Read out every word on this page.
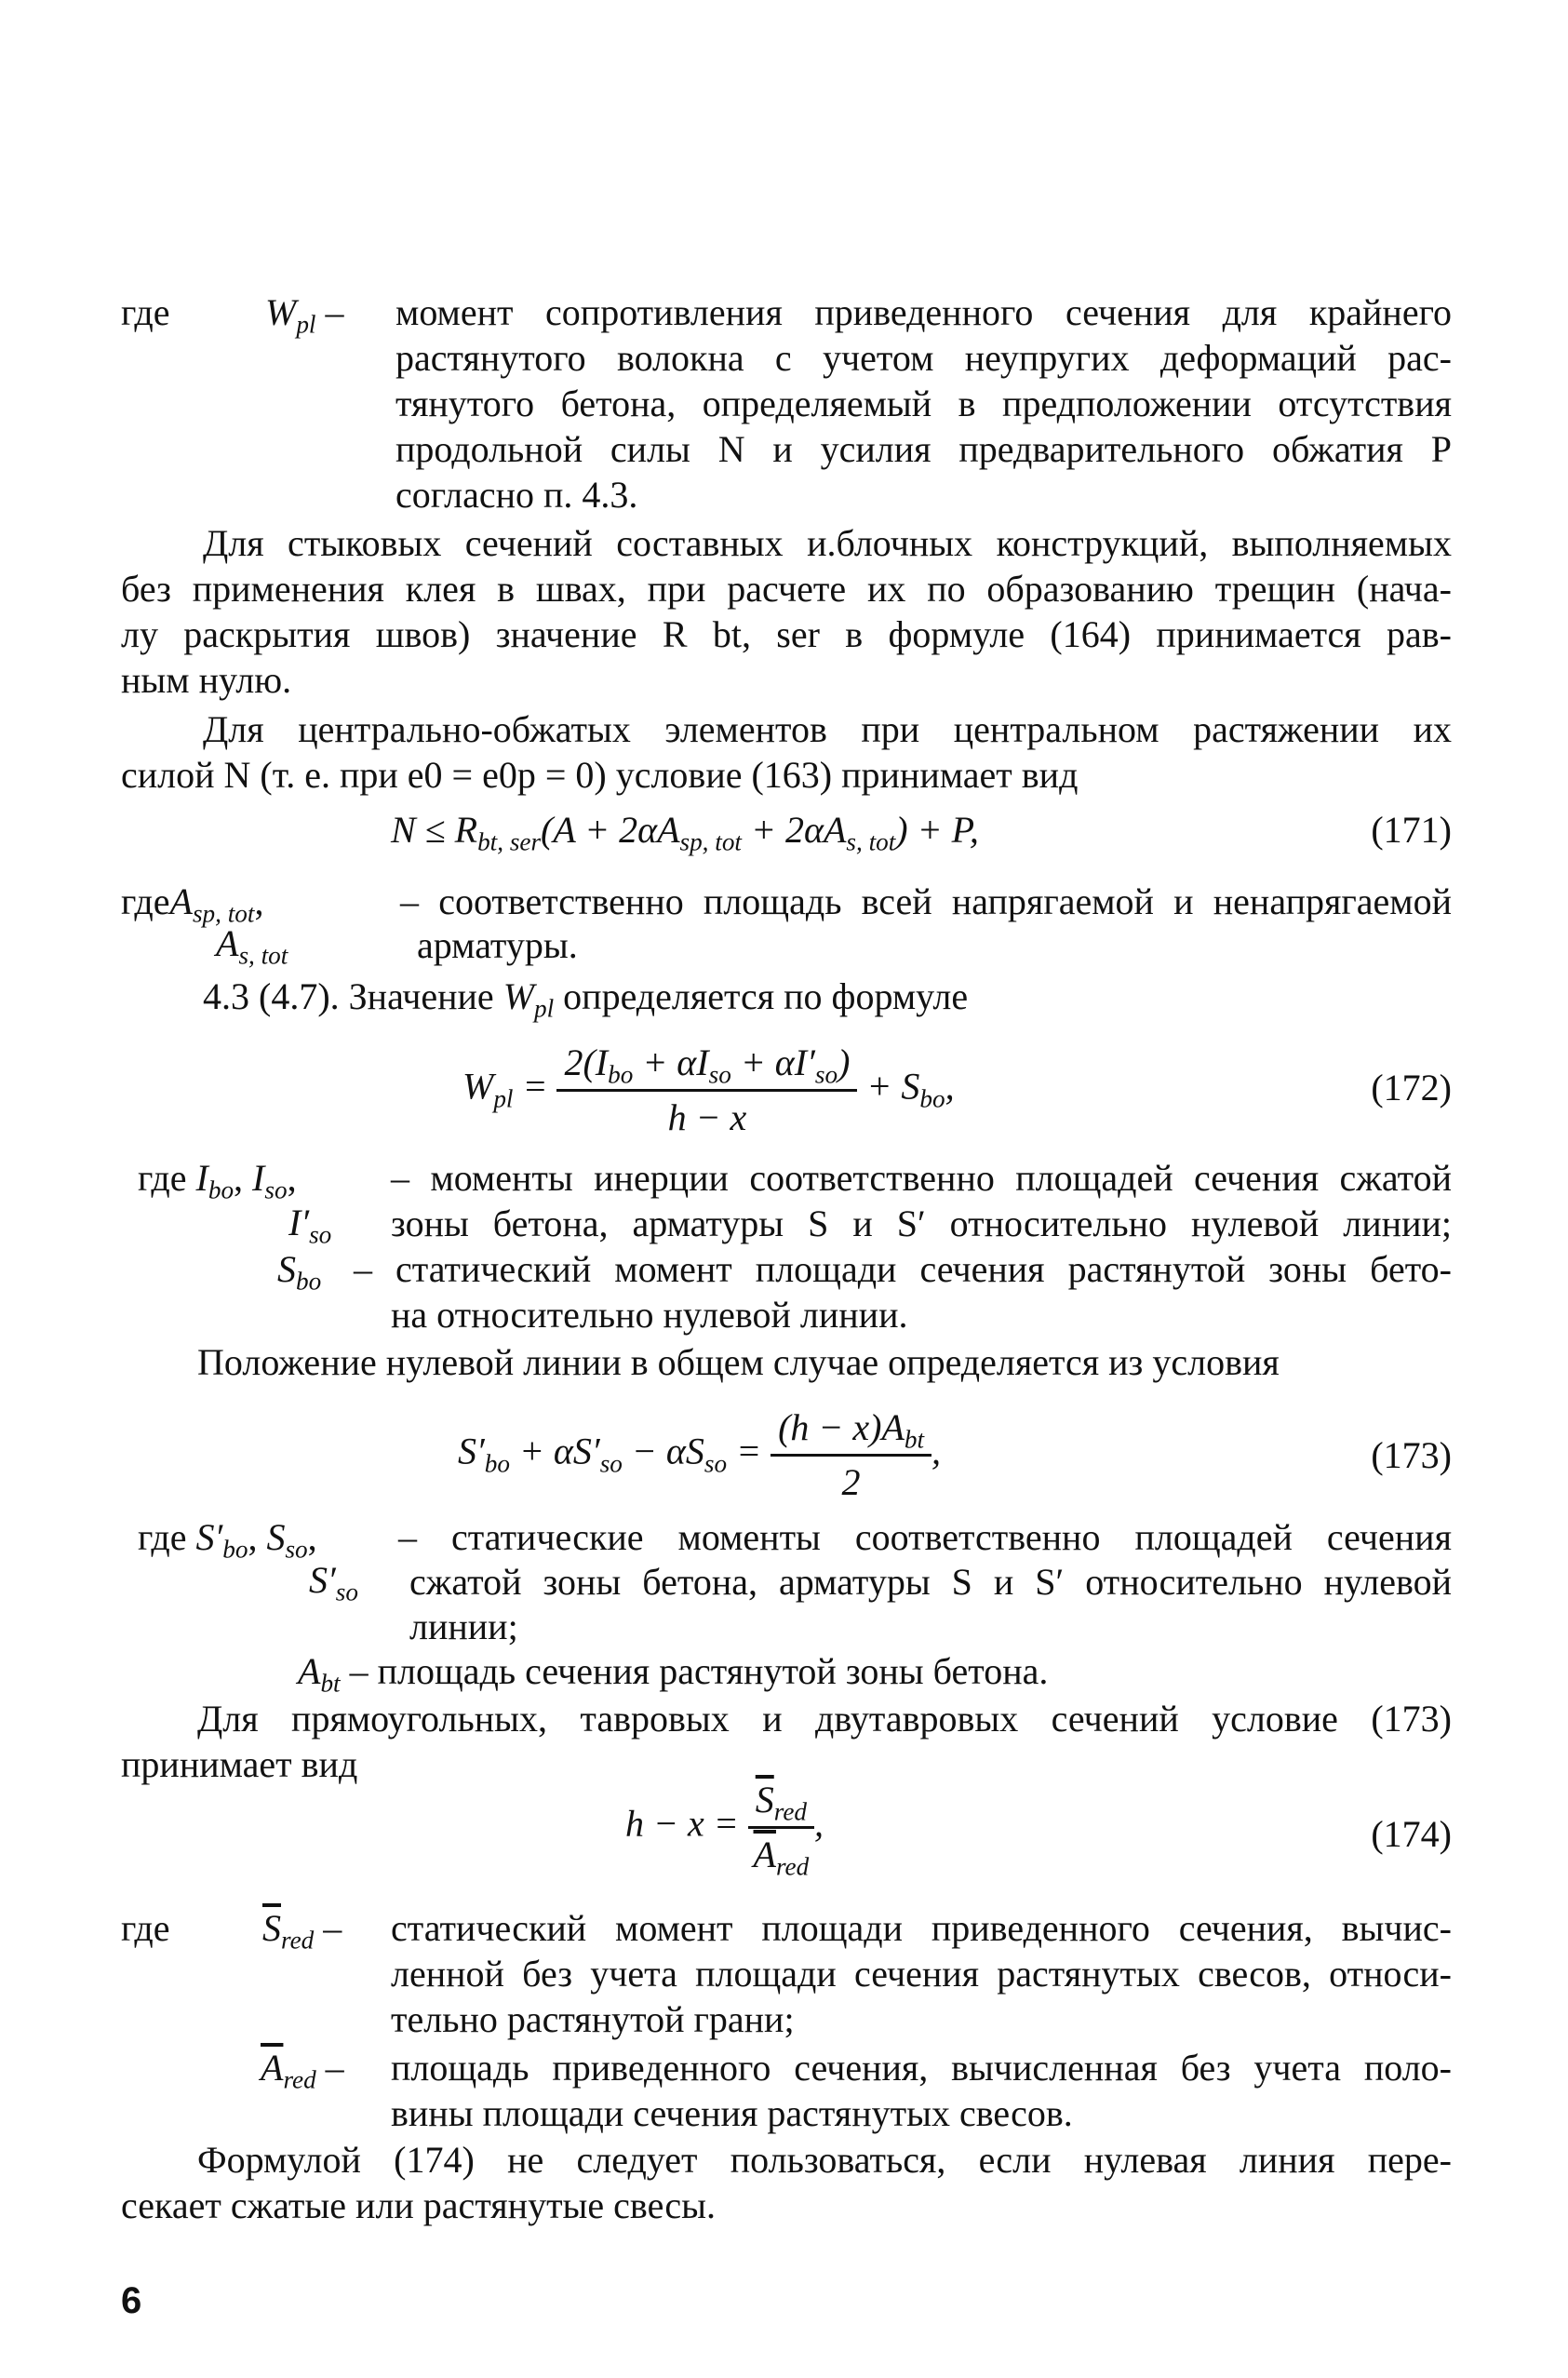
где	$W_{pl}$ – момент сопротивления приведенного сечения для крайнего
растянутого волокна с учетом неупругих деформаций рас-
тянутого бетона, определяемый в предположении отсутствия
продольной силы N и усилия предварительного обжатия P
согласно п. 4.3.
Для стыковых сечений составных и.блочных конструкций, выполняемых
без применения клея в швах, при расчете их по образованию трещин (нача-
лу раскрытия швов) значение R bt, ser в формуле (164) принимается рав-
ным нулю.
Для центрально-обжатых элементов при центральном растяжении их
силой N (т. е. при e0 = e0p = 0) условие (163) принимает вид
$N \le R_{bt, ser}(A + 2\alpha A_{sp, tot} + 2\alpha A_{s, tot}) + P$,	(171)
гдеA$_{sp, tot}$,	– соответственно площадь всей напрягаемой и ненапрягаемой
$A_{s, tot}$	арматуры.
4.3 (4.7). Значение $W_{pl}$ определяется по формуле
$W_{pl} = \frac{2(I_{bo} + \alpha I_{so} + \alpha I'_{so})}{h - x} + S_{bo}$,	(172)
где $I_{bo}$, $I_{so}$,	– моменты инерции соответственно площадей сечения сжатой
$I'_{so}$ зоны бетона, арматуры S и S′ относительно нулевой линии;
$S_{bo}$ – статический момент площади сечения растянутой зоны бето-
на относительно нулевой линии.
Положение нулевой линии в общем случае определяется из условия
$S'_{bo} + \alpha S'_{so} - \alpha S_{so} = \frac{(h - x)A_{bt}}{2}$ ,	(173)
где $S'_{bo}$, $S_{so}$, – статические моменты соответственно площадей сечения
$S'_{so}$ сжатой зоны бетона, арматуры S и S′ относительно нулевой
линии;
$A_{bt}$ – площадь сечения растянутой зоны бетона.
Для прямоугольных, тавровых и двутавровых сечений условие (173)
принимает вид
$h - x = \frac{\overline{S}_{red}}{\overline{A}_{red}}$ ,	(174)
где $\overline{S}_{red}$ – статический момент площади приведенного сечения, вычис-
ленной без учета площади сечения растянутых свесов, относи-
тельно растянутой грани;
$\overline{A}_{red}$ – площадь приведенного сечения, вычисленная без учета поло-
вины площади сечения растянутых свесов.
Формулой (174) не следует пользоваться, если нулевая линия пере-
секает сжатые или растянутые свесы.
6
